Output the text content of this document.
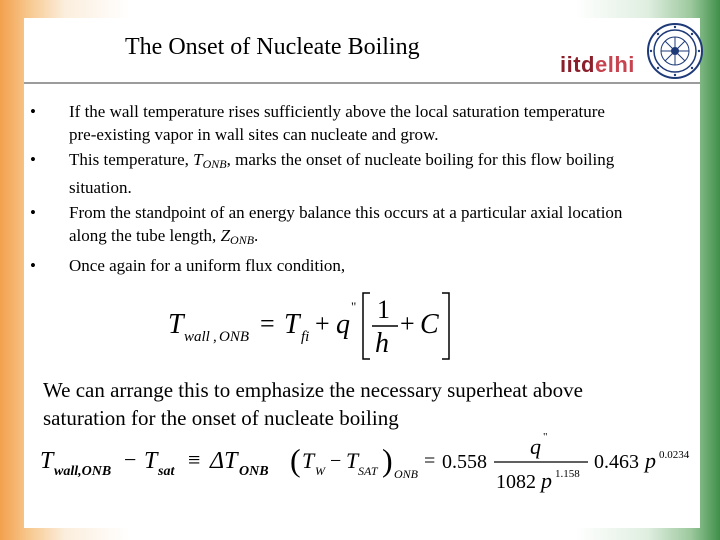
The Onset of Nucleate Boiling
iitdelhi
• If the wall temperature rises sufficiently above the local saturation temperature pre-existing vapor in wall sites can nucleate and grow.
• This temperature, $T_{ONB}$, marks the onset of nucleate boiling for this flow boiling situation.
• From the standpoint of an energy balance this occurs at a particular axial location along the tube length, $Z_{ONB}$.
• Once again for a uniform flux condition,
T wall , ONB = T fi + q
" 1
h
+ C
We can arrange this to emphasize the necessary superheat above saturation for the onset of nucleate boiling
T wall,ONB − T sat ≡ ΔT ONB ( T W − T SAT ) ONB
= 0.558
q "
1082 p 1.158
0.463 p 0.0234
